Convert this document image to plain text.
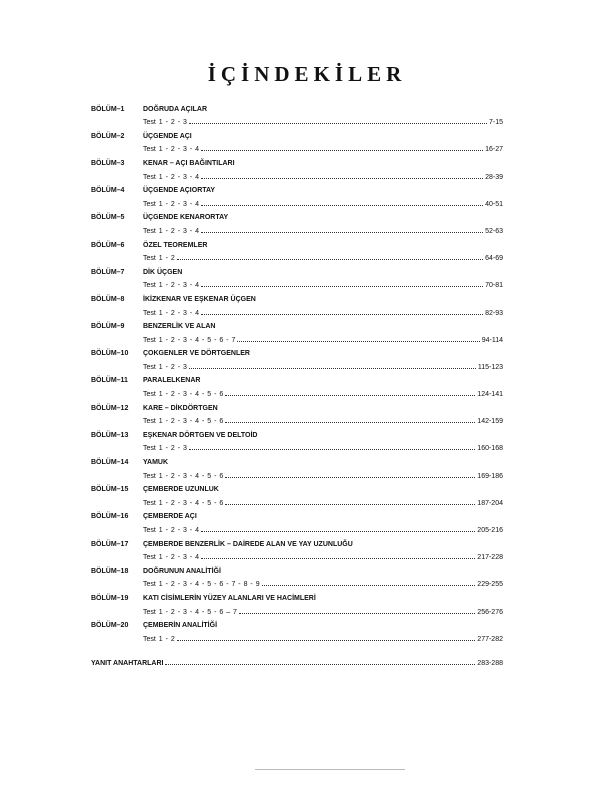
İÇİNDEKİLER
BÖLÜM–1	DOĞRUDA AÇILAR
Test 1 - 2 - 3	7-15
BÖLÜM–2	ÜÇGENDE AÇI
Test 1 - 2 - 3 - 4	16-27
BÖLÜM–3	KENAR – AÇI BAĞINTILARI
Test 1 - 2 - 3 - 4	28-39
BÖLÜM–4	ÜÇGENDE AÇIORTAY
Test 1 - 2 - 3 - 4	40-51
BÖLÜM–5	ÜÇGENDE KENARORTAY
Test 1 - 2 - 3 - 4	52-63
BÖLÜM–6	ÖZEL TEOREMLER
Test 1 - 2	64-69
BÖLÜM–7	DİK ÜÇGEN
Test 1 - 2 - 3 - 4	70-81
BÖLÜM–8	İKİZKENAR VE EŞKENAR ÜÇGEN
Test 1 - 2 - 3 - 4	82-93
BÖLÜM–9	BENZERLİK VE ALAN
Test 1 - 2 - 3 - 4 - 5 - 6 - 7	94-114
BÖLÜM–10	ÇOKGENLER VE DÖRTGENLER
Test 1 - 2 - 3	115-123
BÖLÜM–11	PARALELKENAR
Test 1 - 2 - 3 - 4 - 5 - 6	124-141
BÖLÜM–12	KARE – DİKDÖRTGEN
Test 1 - 2 - 3 - 4 - 5 - 6	142-159
BÖLÜM–13	EŞKENAR DÖRTGEN VE DELTOİD
Test 1 - 2 - 3	160-168
BÖLÜM–14	YAMUK
Test 1 - 2 - 3 - 4 - 5 - 6	169-186
BÖLÜM–15	ÇEMBERDE UZUNLUK
Test 1 - 2 - 3 - 4 - 5 - 6	187-204
BÖLÜM–16	ÇEMBERDE AÇI
Test 1 - 2 - 3 - 4	205-216
BÖLÜM–17	ÇEMBERDE BENZERLİK – DAİREDE ALAN VE YAY UZUNLUĞU
Test 1 - 2 - 3 - 4	217-228
BÖLÜM–18	DOĞRUNUN ANALİTİĞİ
Test 1 - 2 - 3 - 4 - 5 - 6 - 7 - 8 - 9	229-255
BÖLÜM–19	KATI CİSİMLERİN YÜZEY ALANLARI VE HACİMLERİ
Test 1 - 2 - 3 - 4 - 5 - 6 – 7	256-276
BÖLÜM–20	ÇEMBERİN ANALİTİĞİ
Test 1 - 2	277-282
YANIT ANAHTARLARI	283-288
